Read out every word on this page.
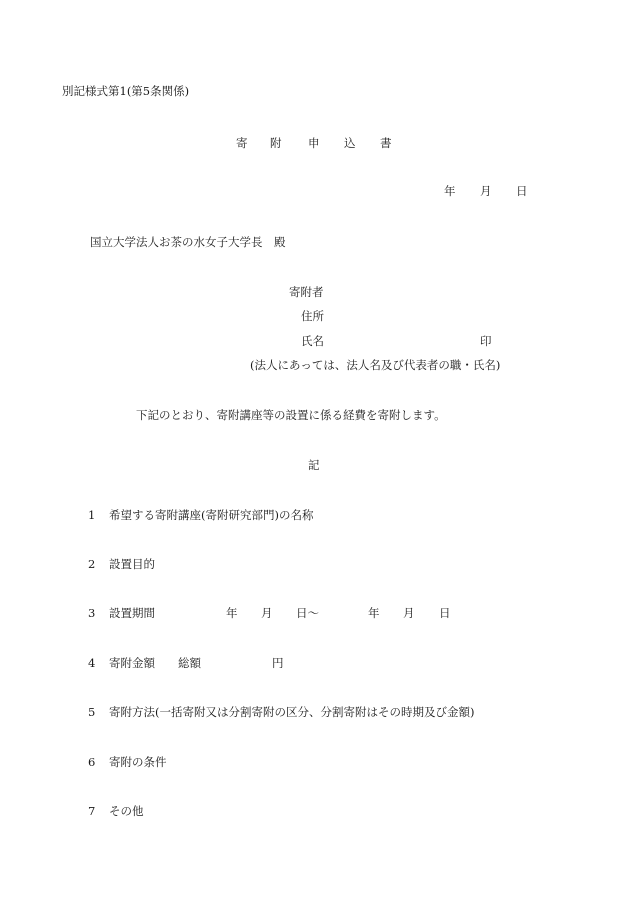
別記様式第1(第5条関係)
寄 附 申 込 書
年 月 日
国立大学法人お茶の水女子大学長　殿
寄附者
住所
氏名	印
(法人にあっては、法人名及び代表者の職・氏名)
下記のとおり、寄附講座等の設置に係る経費を寄附します。
記
1 希望する寄附講座(寄附研究部門)の名称
2 設置目的
3 設置期間	年 月 日〜	年 月 日
4 寄附金額 総額	円
5 寄附方法(一括寄附又は分割寄附の区分、分割寄附はその時期及び金額)
6 寄附の条件
7 その他
